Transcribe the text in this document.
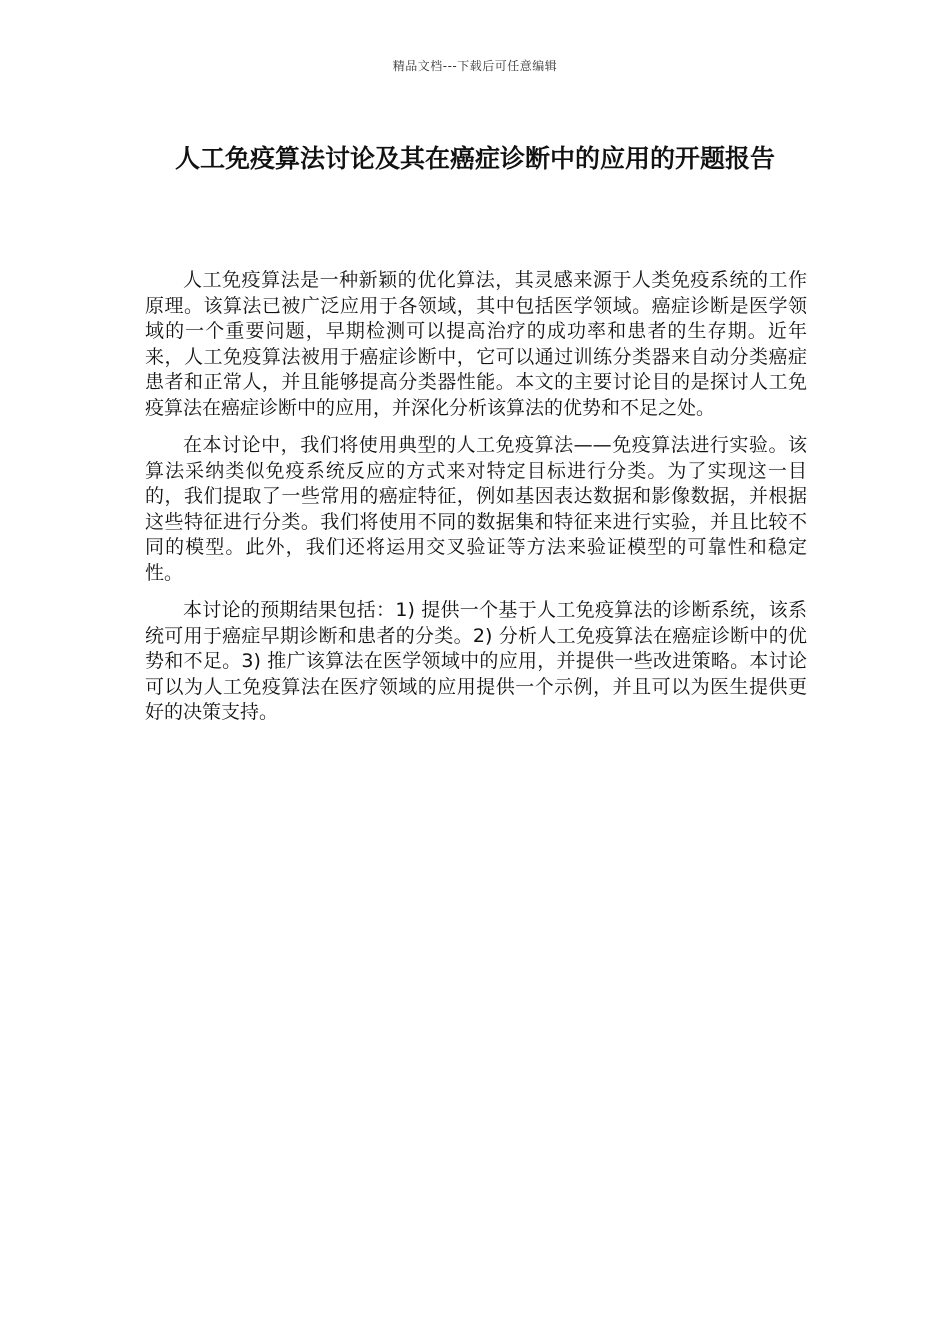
精品文档---下载后可任意编辑
人工免疫算法讨论及其在癌症诊断中的应用的开题报告

人工免疫算法是一种新颖的优化算法，其灵感来源于人类免疫系统的工作原理。该算法已被广泛应用于各领域，其中包括医学领域。癌症诊断是医学领域的一个重要问题，早期检测可以提高治疗的成功率和患者的生存期。近年来，人工免疫算法被用于癌症诊断中，它可以通过训练分类器来自动分类癌症患者和正常人，并且能够提高分类器性能。本文的主要讨论目的是探讨人工免疫算法在癌症诊断中的应用，并深化分析该算法的优势和不足之处。

在本讨论中，我们将使用典型的人工免疫算法——免疫算法进行实验。该算法采纳类似免疫系统反应的方式来对特定目标进行分类。为了实现这一目的，我们提取了一些常用的癌症特征，例如基因表达数据和影像数据，并根据这些特征进行分类。我们将使用不同的数据集和特征来进行实验，并且比较不同的模型。此外，我们还将运用交叉验证等方法来验证模型的可靠性和稳定性。

本讨论的预期结果包括：1) 提供一个基于人工免疫算法的诊断系统，该系统可用于癌症早期诊断和患者的分类。2) 分析人工免疫算法在癌症诊断中的优势和不足。3) 推广该算法在医学领域中的应用，并提供一些改进策略。本讨论可以为人工免疫算法在医疗领域的应用提供一个示例，并且可以为医生提供更好的决策支持。
